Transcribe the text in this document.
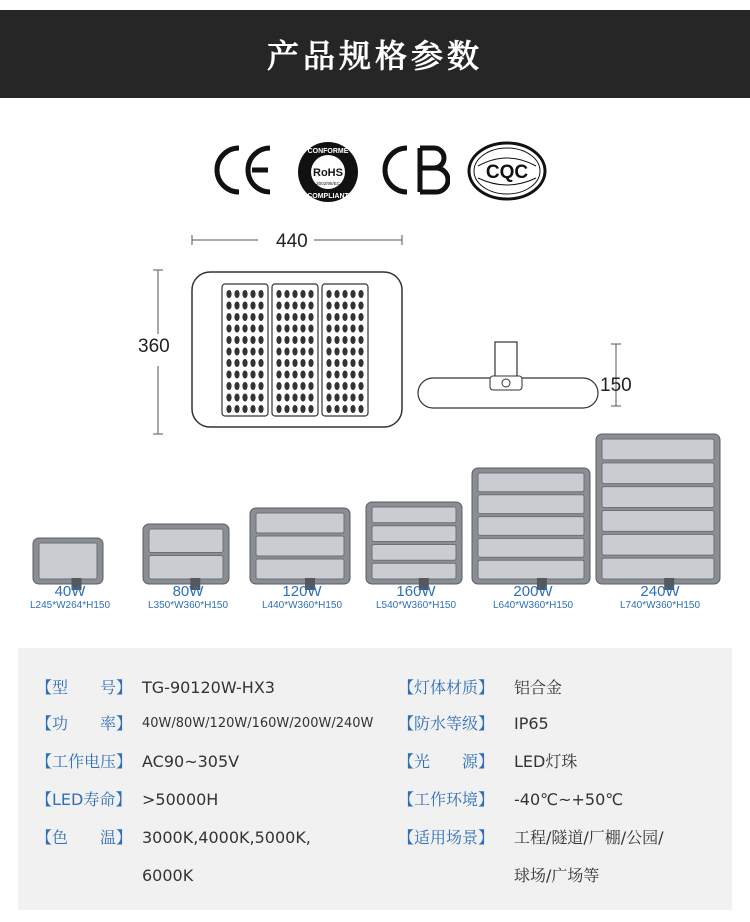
产品规格参数
CONFORME
RoHS
2002/95/EC
COMPLIANT
CQC
440
360
150
40W
L245*W264*H150
80W
L350*W360*H150
120W
L440*W360*H150
160W
L540*W360*H150
200W
L640*W360*H150
240W
L740*W360*H150
【型　　号】 TG-90120W-HX3	【灯体材质】 铝合金
【功　　率】 40W/80W/120W/160W/200W/240W 【防水等级】 IP65
【工作电压】 AC90~305V	【光　　源】 LED灯珠
【LED寿命】 >50000H	【工作环境】 -40℃~+50℃
【色　　温】 3000K,4000K,5000K,	【适用场景】 工程/隧道/厂棚/公园/
6000K	球场/广场等
